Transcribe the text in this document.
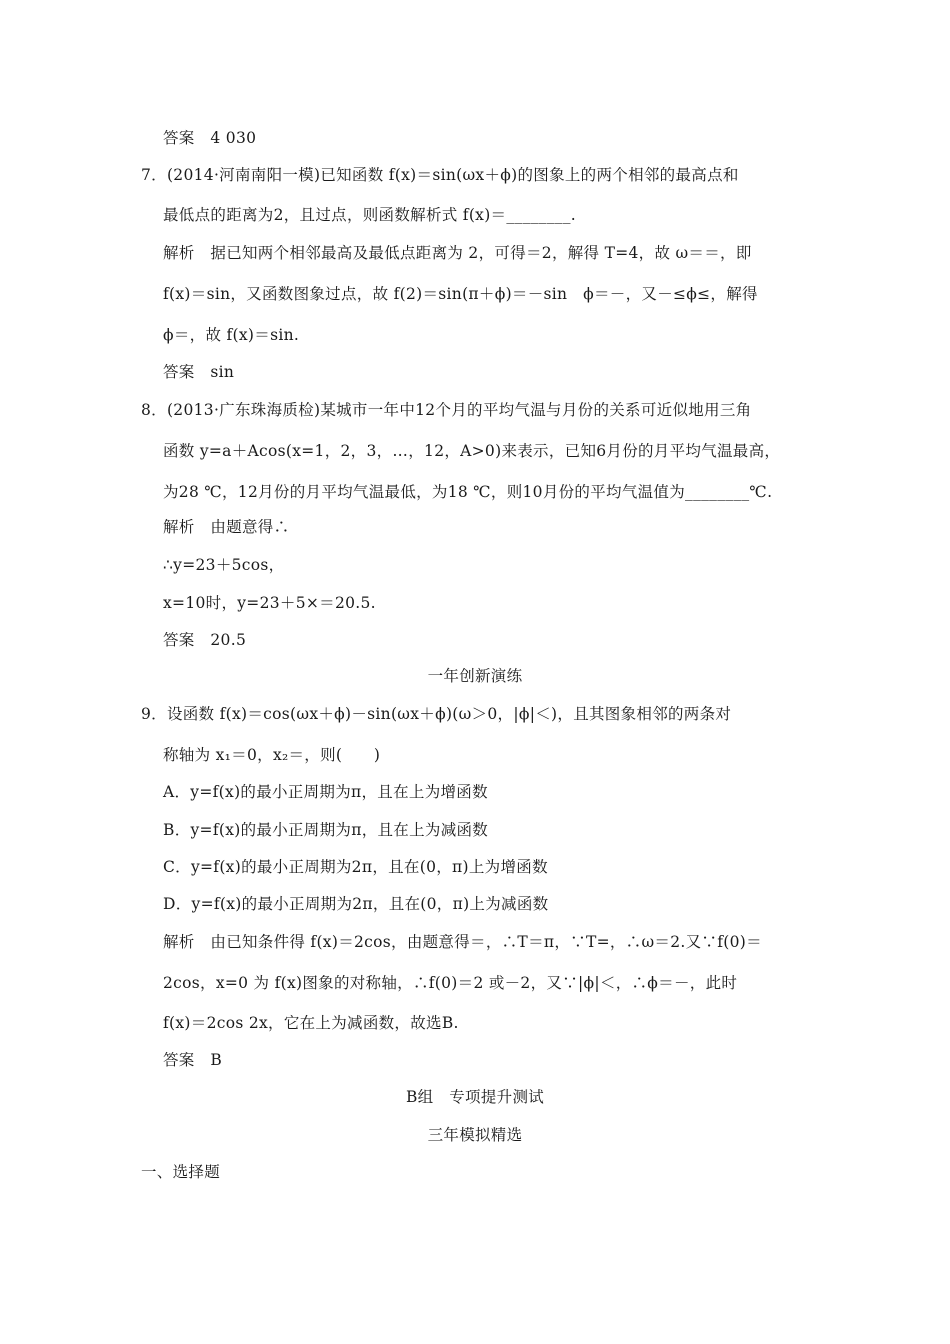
答案　4 030
7．(2014·河南南阳一模)已知函数 f(x)＝sin(ωx＋ϕ)的图象上的两个相邻的最高点和
最低点的距离为2，且过点，则函数解析式 f(x)＝________.
解析　据已知两个相邻最高及最低点距离为 2，可得＝2，解得 T=4，故 ω＝＝，即
f(x)＝sin，又函数图象过点，故 f(2)＝sin(π＋ϕ)＝－sin　ϕ＝－，又－≤ϕ≤，解得
ϕ＝，故 f(x)＝sin.
答案　sin
8．(2013·广东珠海质检)某城市一年中12个月的平均气温与月份的关系可近似地用三角
函数 y=a＋Acos(x=1，2，3，…，12，A>0)来表示，已知6月份的月平均气温最高，
为28 ℃，12月份的月平均气温最低，为18 ℃，则10月份的平均气温值为________℃.
解析　由题意得∴
∴y=23＋5cos，
x=10时，y=23＋5×＝20.5.
答案　20.5
一年创新演练
9．设函数 f(x)＝cos(ωx＋ϕ)－sin(ωx＋ϕ)(ω＞0，|ϕ|＜)，且其图象相邻的两条对
称轴为 x₁＝0，x₂＝，则(　　)
A．y=f(x)的最小正周期为π，且在上为增函数
B．y=f(x)的最小正周期为π，且在上为减函数
C．y=f(x)的最小正周期为2π，且在(0，π)上为增函数
D．y=f(x)的最小正周期为2π，且在(0，π)上为减函数
解析　由已知条件得 f(x)＝2cos，由题意得＝，∴T＝π，∵T=，∴ω＝2.又∵f(0)＝
2cos，x=0 为 f(x)图象的对称轴，∴f(0)＝2 或－2，又∵|ϕ|＜，∴ϕ＝－，此时
f(x)＝2cos 2x，它在上为减函数，故选B.
答案　B
B组　专项提升测试
三年模拟精选
一、选择题
